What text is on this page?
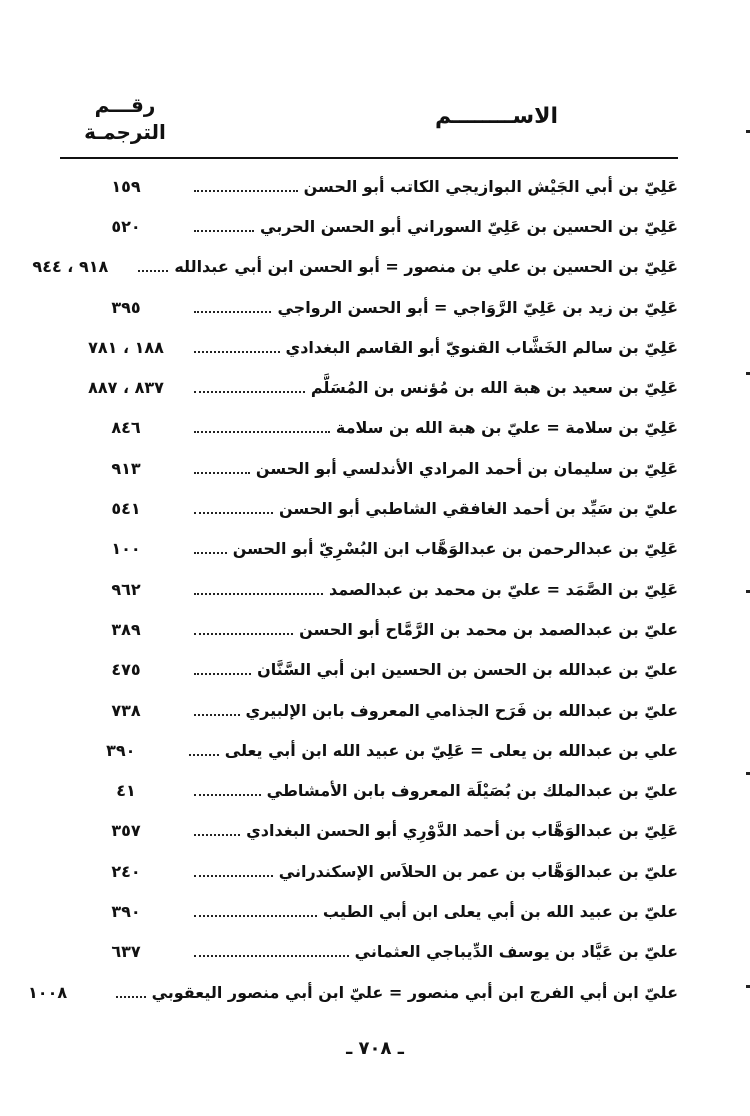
الاســــــــم
رقـــم
الترجمـة
عَلِيّ بن أبي الجَيْش البوازيجي الكاتب أبو الحسن
١٥٩
عَلِيّ بن الحسين بن عَلِيّ السوراني أبو الحسن الحربي
٥٢٠
عَلِيّ بن الحسين بن علي بن منصور = أبو الحسن ابن أبي عبدالله
٩١٨ ، ٩٤٤
عَلِيّ بن زيد بن عَلِيّ الرَّوَاجي = أبو الحسن الرواجي
٣٩٥
عَلِيّ بن سالم الخَشَّاب القنويّ أبو القاسم البغدادي
١٨٨ ، ٧٨١
عَلِيّ بن سعيد بن هبة الله بن مُؤنس بن المُسَلَّم
٨٣٧ ، ٨٨٧
عَلِيّ بن سلامة = عليّ بن هبة الله بن سلامة
٨٤٦
عَلِيّ بن سليمان بن أحمد المرادي الأندلسي أبو الحسن
٩١٣
عليّ بن سَيِّد بن أحمد الغافقي الشاطبي أبو الحسن
٥٤١
عَلِيّ بن عبدالرحمن بن عبدالوَهَّاب ابن البُسْرِيّ أبو الحسن
١٠٠
عَلِيّ بن الصَّمَد = عليّ بن محمد بن عبدالصمد
٩٦٢
عليّ بن عبدالصمد بن محمد بن الرَّمَّاح أبو الحسن
٣٨٩
عليّ بن عبدالله بن الحسن بن الحسين ابن أبي السَّنَّان
٤٧٥
عليّ بن عبدالله بن فَرَح الجذامي المعروف بابن الإلبيري
٧٣٨
علي بن عبدالله بن يعلى = عَلِيّ بن عبيد الله ابن أبي يعلى
٣٩٠
عليّ بن عبدالملك بن بُصَيْلَة المعروف بابن الأمشاطي
٤١
عَلِيّ بن عبدالوَهَّاب بن أحمد الدَّوْرِي أبو الحسن البغدادي
٣٥٧
عليّ بن عبدالوَهَّاب بن عمر بن الحلاَس الإسكندراني
٢٤٠
عليّ بن عبيد الله بن أبي يعلى ابن أبي الطيب
٣٩٠
عليّ بن عَيَّاد بن يوسف الدِّيباجي العثماني
٦٣٧
عليّ ابن أبي الفرج ابن أبي منصور = عليّ ابن أبي منصور اليعقوبي
١٠٠٨
ـ ٧٠٨ ـ
